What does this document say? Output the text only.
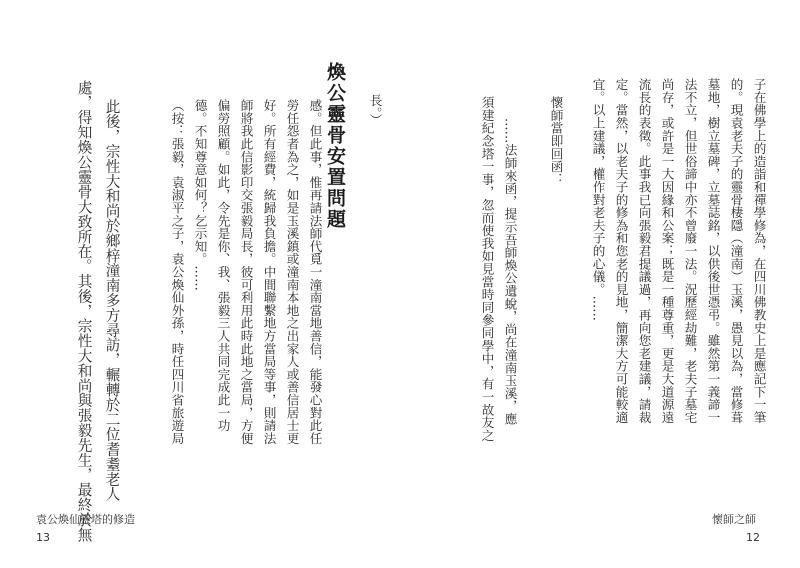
長。）
煥公靈骨安置問題
（按：張毅，袁淑平之子，袁公煥仙外孫，時任四川省旅遊局 德。不知尊意如何？乞示知。…… 偏勞照顧。如此，令先是你、我、張毅三人共同完成此一功 師將我此信影印交張毅局長，彼可利用此時此地之當局，方便 好。所有經費，統歸我負擔。中間聯繫地方當局等事，則請法 勞任怨者為之，如是玉溪鎮或潼南本地之出家人或善信居士更 感。但此事，惟再請法師代覓一潼南當地善信，能發心對此任
此後，宗性大和尚於鄉梓潼南多方尋訪，輾轉於二位耆耋老人
處，得知煥公靈骨大致所在。其後，宗性大和尚與張毅先生，最終於無
袁公煥仙靈塔的修造
13
子在佛學上的造詣和禪學修為，在四川佛教史上是應記下一筆
的。現袁老夫子的靈骨棲隱（潼南）玉溪，愚見以為，當修葺
墓地，樹立墓碑，立墓誌銘，以供後世憑弔。雖然第一義諦一
法不立，但世俗諦中亦不曾廢一法。況歷經劫難，老夫子墓宅
尚存，或許是一大因緣和公案；既是一種尊重，更是大道源遠
流長的表徵。此事我已向張毅君提議過，再向您老建議，請裁
定。當然，以老夫子的修為和您老的見地，簡潔大方可能較適
宜。以上建議，權作對老夫子的心儀。……
懷師當即回函：
……法師來函，提示吾師煥公遺蛻，尚在潼南玉溪，應
須建紀念塔一事，忽而使我如見當時同參同學中，有一故友之
懷師之師
12
